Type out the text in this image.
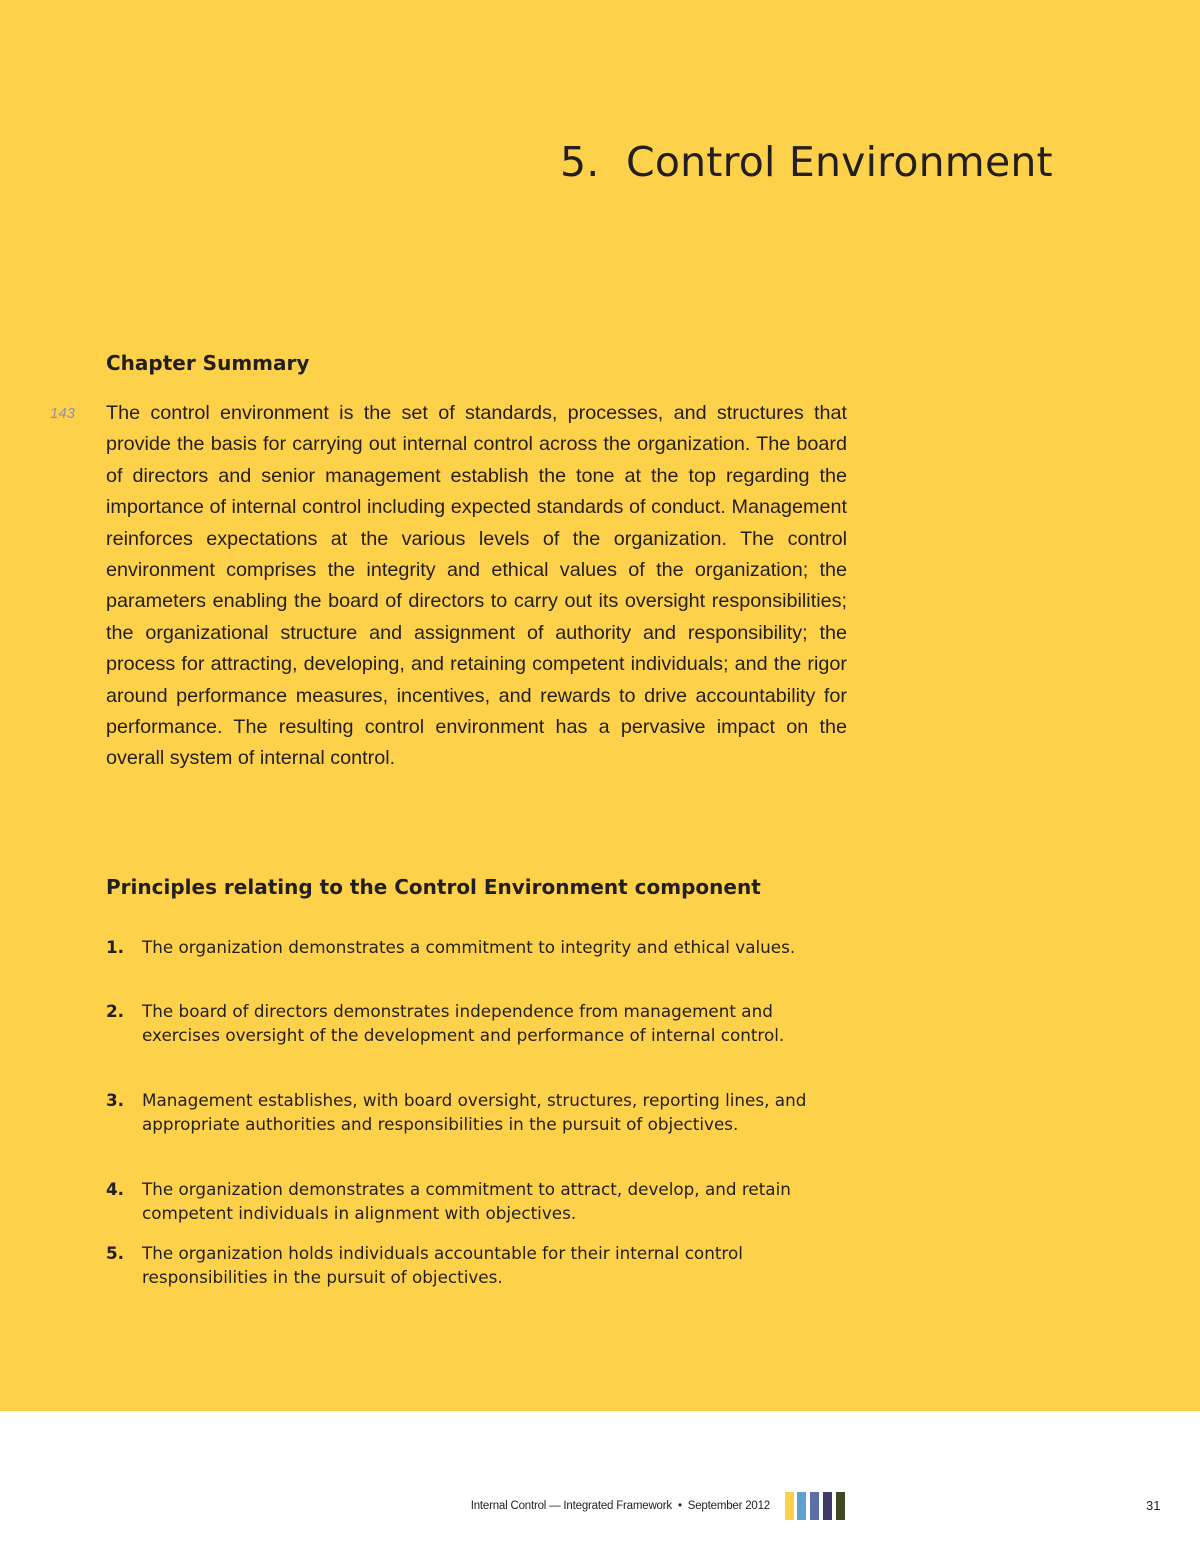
5. Control Environment
Chapter Summary
143 The control environment is the set of standards, processes, and structures that provide the basis for carrying out internal control across the organization. The board of directors and senior management establish the tone at the top regarding the importance of internal control including expected standards of conduct. Management reinforces expectations at the various levels of the organization. The control environment comprises the integrity and ethical values of the organization; the parameters enabling the board of directors to carry out its oversight responsibilities; the organizational structure and assignment of authority and responsibility; the process for attracting, developing, and retaining competent individuals; and the rigor around performance measures, incentives, and rewards to drive accountability for performance. The resulting control environment has a pervasive impact on the overall system of internal control.

Principles relating to the Control Environment component
1. The organization demonstrates a commitment to integrity and ethical values.
2. The board of directors demonstrates independence from management and exercises oversight of the development and performance of internal control.
3. Management establishes, with board oversight, structures, reporting lines, and appropriate authorities and responsibilities in the pursuit of objectives.
4. The organization demonstrates a commitment to attract, develop, and retain competent individuals in alignment with objectives.
5. The organization holds individuals accountable for their internal control responsibilities in the pursuit of objectives.
Internal Control — Integrated Framework • September 2012	31
